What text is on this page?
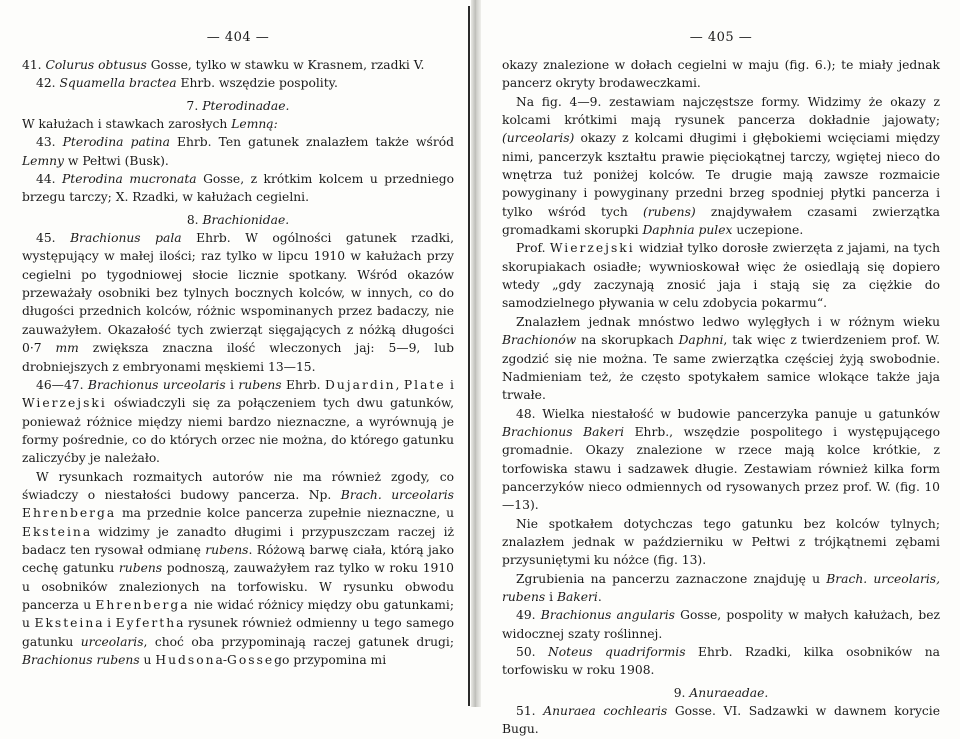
— 404 —

41. Colurus obtusus Gosse, tylko w stawku w Krasnem, rzadki V.

42. Squamella bractea Ehrb. wszędzie pospolity.

7. Pterodinadae.

W kałużach i stawkach zarosłych Lemną:

43. Pterodina patina Ehrb. Ten gatunek znalazłem także wśród Lemny w Pełtwi (Busk).

44. Pterodina mucronata Gosse, z krótkim kolcem u przedniego brzegu tarczy; X. Rzadki, w kałużach cegielni.

8. Brachionidae.

45. Brachionus pala Ehrb. W ogólności gatunek rzadki, występujący w małej ilości; raz tylko w lipcu 1910 w kałużach przy cegielni po tygodniowej słocie licznie spotkany. Wśród okazów przeważały osobniki bez tylnych bocznych kolców, w innych, co do długości przednich kolców, różnic wspominanych przez badaczy, nie zauważyłem. Okazałość tych zwierząt sięgających z nóżką długości 0·7 mm zwiększa znaczna ilość wleczonych jaj: 5—9, lub drobniejszych z embryonami męskiemi 13—15.

46—47. Brachionus urceolaris i rubens Ehrb. Dujardin, Plate i Wierzejski oświadczyli się za połączeniem tych dwu gatunków, ponieważ różnice między niemi bardzo nieznaczne, a wyrównują je formy pośrednie, co do których orzec nie można, do którego gatunku zaliczyćby je należało.

W rysunkach rozmaitych autorów nie ma również zgody, co świadczy o niestałości budowy pancerza. Np. Brach. urceolaris Ehrenberga ma przednie kolce pancerza zupełnie nieznaczne, u Eksteina widzimy je zanadto długimi i przypuszczam raczej iż badacz ten rysował odmianę rubens. Różową barwę ciała, którą jako cechę gatunku rubens podnoszą, zauważyłem raz tylko w roku 1910 u osobników znalezionych na torfowisku. W rysunku obwodu pancerza u Ehrenberga nie widać różnicy między obu gatunkami; u Eksteina i Eyfertha rysunek również odmienny u tego samego gatunku urceolaris, choć oba przypominają raczej gatunek drugi; Brachionus rubens u Hudsona-Gossego przypomina mi

— 405 —

okazy znalezione w dołach cegielni w maju (fig. 6.); te miały jednak pancerz okryty brodaweczkami.

Na fig. 4—9. zestawiam najczęstsze formy. Widzimy że okazy z kolcami krótkimi mają rysunek pancerza dokładnie jajowaty; (urceolaris) okazy z kolcami długimi i głębokiemi wcięciami między nimi, pancerzyk kształtu prawie pięciokątnej tarczy, wgiętej nieco do wnętrza tuż poniżej kolców. Te drugie mają zawsze rozmaicie powyginany i powyginany przedni brzeg spodniej płytki pancerza i tylko wśród tych (rubens) znajdywałem czasami zwierzątka gromadkami skorupki Daphnia pulex uczepione.

Prof. Wierzejski widział tylko dorosłe zwierzęta z jajami, na tych skorupiakach osiadłe; wywnioskował więc że osiedlają się dopiero wtedy „gdy zaczynają znosić jaja i stają się za ciężkie do samodzielnego pływania w celu zdobycia pokarmu“.

Znalazłem jednak mnóstwo ledwo wylęgłych i w różnym wieku Brachionów na skorupkach Daphni, tak więc z twierdzeniem prof. W. zgodzić się nie można. Te same zwierzątka częściej żyją swobodnie. Nadmieniam też, że często spotykałem samice wlokące także jaja trwałe.

48. Wielka niestałość w budowie pancerzyka panuje u gatunków Brachionus Bakeri Ehrb., wszędzie pospolitego i występującego gromadnie. Okazy znalezione w rzece mają kolce krótkie, z torfowiska stawu i sadzawek długie. Zestawiam również kilka form pancerzyków nieco odmiennych od rysowanych przez prof. W. (fig. 10—13).

Nie spotkałem dotychczas tego gatunku bez kolców tylnych; znalazłem jednak w październiku w Pełtwi z trójkątnemi zębami przysuniętymi ku nóżce (fig. 13).

Zgrubienia na pancerzu zaznaczone znajduję u Brach. urceolaris, rubens i Bakeri.

49. Brachionus angularis Gosse, pospolity w małych kałużach, bez widocznej szaty roślinnej.

50. Noteus quadriformis Ehrb. Rzadki, kilka osobników na torfowisku w roku 1908.

9. Anuraeadae.

51. Anuraea cochlearis Gosse. VI. Sadzawki w dawnem korycie Bugu.
